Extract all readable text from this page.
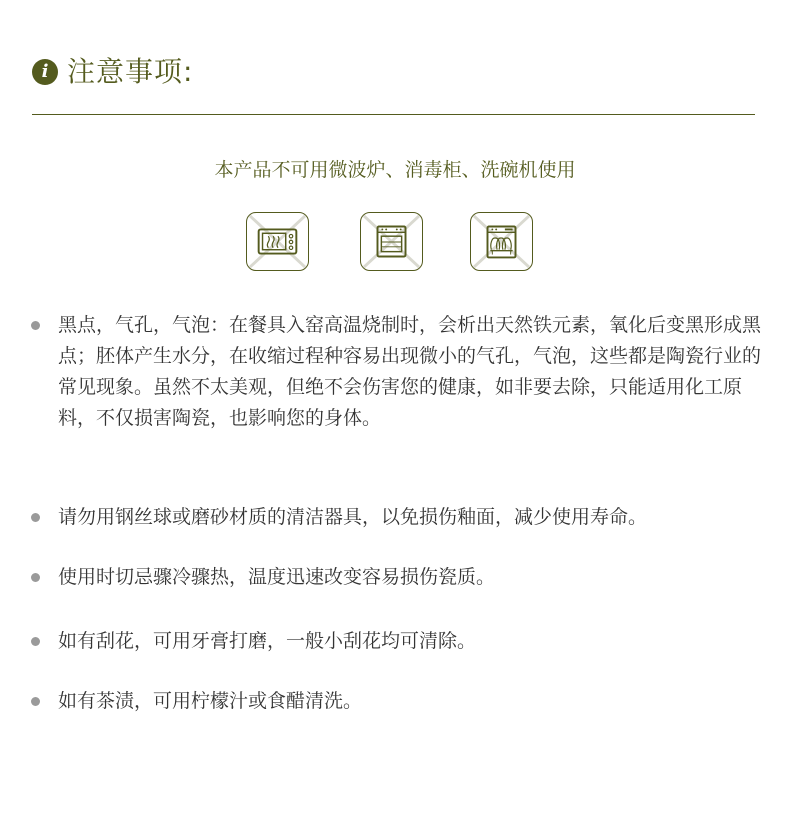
i 注意事项:
本产品不可用微波炉、消毒柜、洗碗机使用
黑点，气孔，气泡：在餐具入窑高温烧制时，会析出天然铁元素，氧化后变黑形成黑点；胚体产生水分，在收缩过程种容易出现微小的气孔，气泡，这些都是陶瓷行业的常见现象。虽然不太美观，但绝不会伤害您的健康，如非要去除，只能适用化工原料，不仅损害陶瓷，也影响您的身体。
请勿用钢丝球或磨砂材质的清洁器具，以免损伤釉面，减少使用寿命。
使用时切忌骤冷骤热，温度迅速改变容易损伤瓷质。
如有刮花，可用牙膏打磨，一般小刮花均可清除。
如有茶渍，可用柠檬汁或食醋清洗。
